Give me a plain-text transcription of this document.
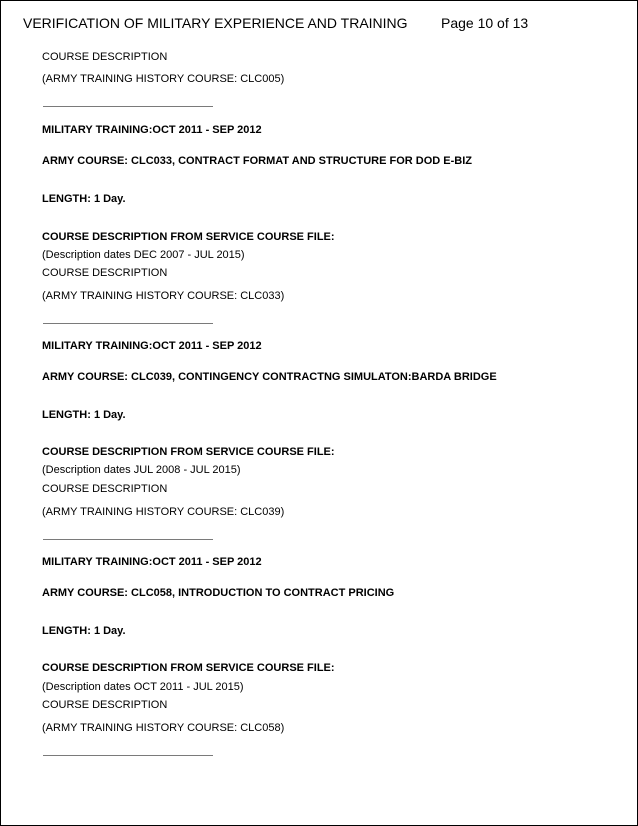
VERIFICATION OF MILITARY EXPERIENCE AND TRAINING Page 10 of 13
COURSE DESCRIPTION
(ARMY TRAINING HISTORY COURSE: CLC005)
MILITARY TRAINING:OCT 2011 - SEP 2012
ARMY COURSE: CLC033, CONTRACT FORMAT AND STRUCTURE FOR DOD E-BIZ
LENGTH: 1 Day.
COURSE DESCRIPTION FROM SERVICE COURSE FILE:
(Description dates DEC 2007 - JUL 2015)
COURSE DESCRIPTION
(ARMY TRAINING HISTORY COURSE: CLC033)
MILITARY TRAINING:OCT 2011 - SEP 2012
ARMY COURSE: CLC039, CONTINGENCY CONTRACTNG SIMULATON:BARDA BRIDGE
LENGTH: 1 Day.
COURSE DESCRIPTION FROM SERVICE COURSE FILE:
(Description dates JUL 2008 - JUL 2015)
COURSE DESCRIPTION
(ARMY TRAINING HISTORY COURSE: CLC039)
MILITARY TRAINING:OCT 2011 - SEP 2012
ARMY COURSE: CLC058, INTRODUCTION TO CONTRACT PRICING
LENGTH: 1 Day.
COURSE DESCRIPTION FROM SERVICE COURSE FILE:
(Description dates OCT 2011 - JUL 2015)
COURSE DESCRIPTION
(ARMY TRAINING HISTORY COURSE: CLC058)
